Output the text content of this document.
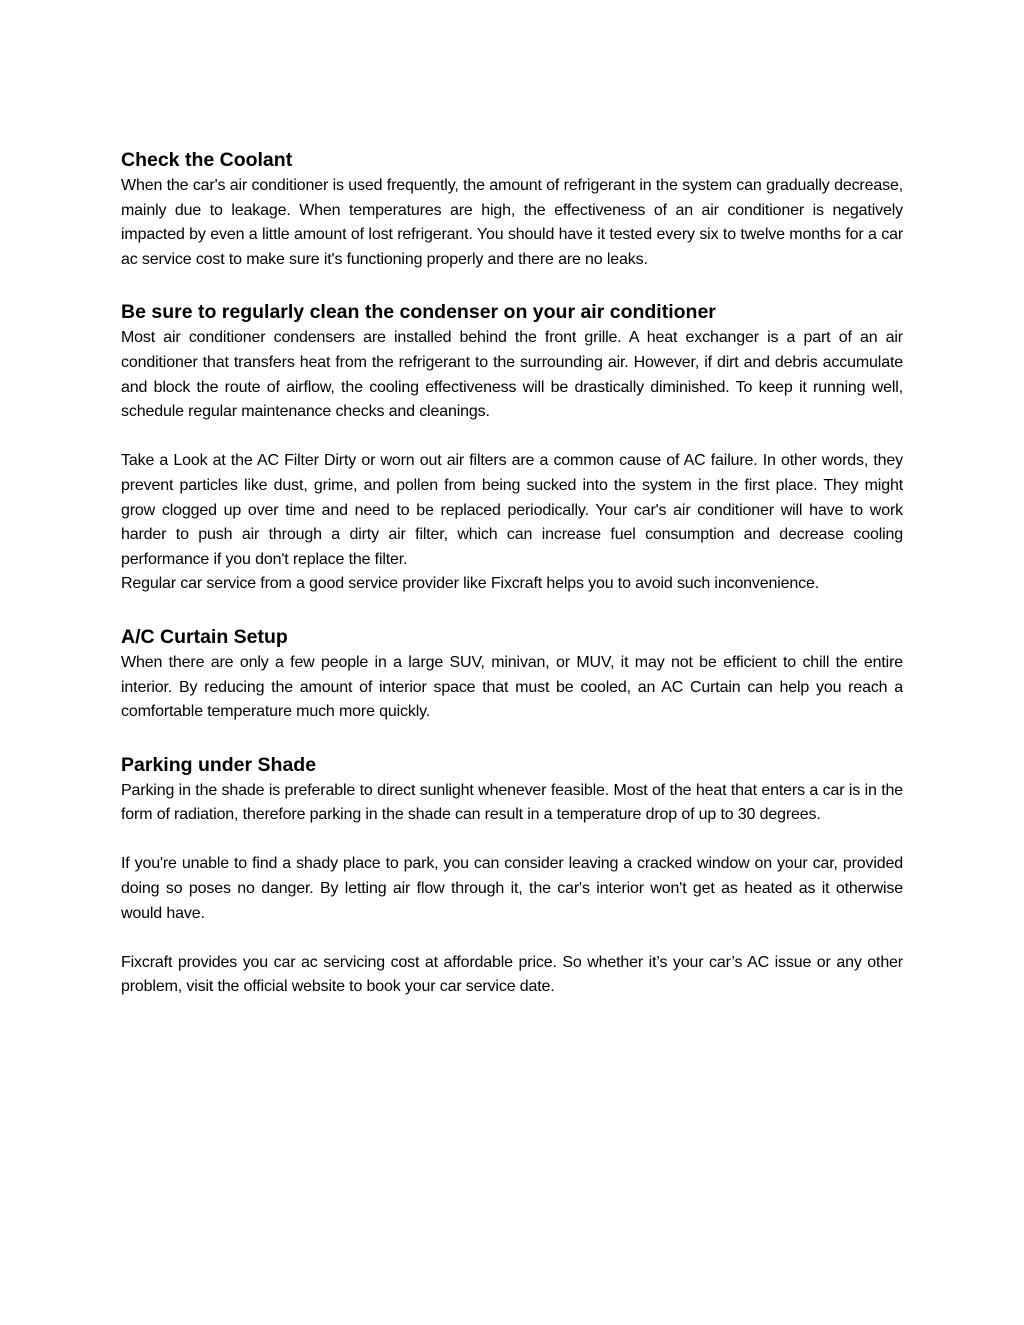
Check the Coolant

When the car's air conditioner is used frequently, the amount of refrigerant in the system can gradually decrease, mainly due to leakage. When temperatures are high, the effectiveness of an air conditioner is negatively impacted by even a little amount of lost refrigerant. You should have it tested every six to twelve months for a car ac service cost to make sure it's functioning properly and there are no leaks.

Be sure to regularly clean the condenser on your air conditioner

Most air conditioner condensers are installed behind the front grille. A heat exchanger is a part of an air conditioner that transfers heat from the refrigerant to the surrounding air. However, if dirt and debris accumulate and block the route of airflow, the cooling effectiveness will be drastically diminished. To keep it running well, schedule regular maintenance checks and cleanings.

Take a Look at the AC Filter Dirty or worn out air filters are a common cause of AC failure. In other words, they prevent particles like dust, grime, and pollen from being sucked into the system in the first place. They might grow clogged up over time and need to be replaced periodically. Your car's air conditioner will have to work harder to push air through a dirty air filter, which can increase fuel consumption and decrease cooling performance if you don't replace the filter.

Regular car service from a good service provider like Fixcraft helps you to avoid such inconvenience.

A/C Curtain Setup

When there are only a few people in a large SUV, minivan, or MUV, it may not be efficient to chill the entire interior. By reducing the amount of interior space that must be cooled, an AC Curtain can help you reach a comfortable temperature much more quickly.

Parking under Shade

Parking in the shade is preferable to direct sunlight whenever feasible. Most of the heat that enters a car is in the form of radiation, therefore parking in the shade can result in a temperature drop of up to 30 degrees.

If you're unable to find a shady place to park, you can consider leaving a cracked window on your car, provided doing so poses no danger. By letting air flow through it, the car's interior won't get as heated as it otherwise would have.

Fixcraft provides you car ac servicing cost at affordable price. So whether it’s your car’s AC issue or any other problem, visit the official website to book your car service date.
